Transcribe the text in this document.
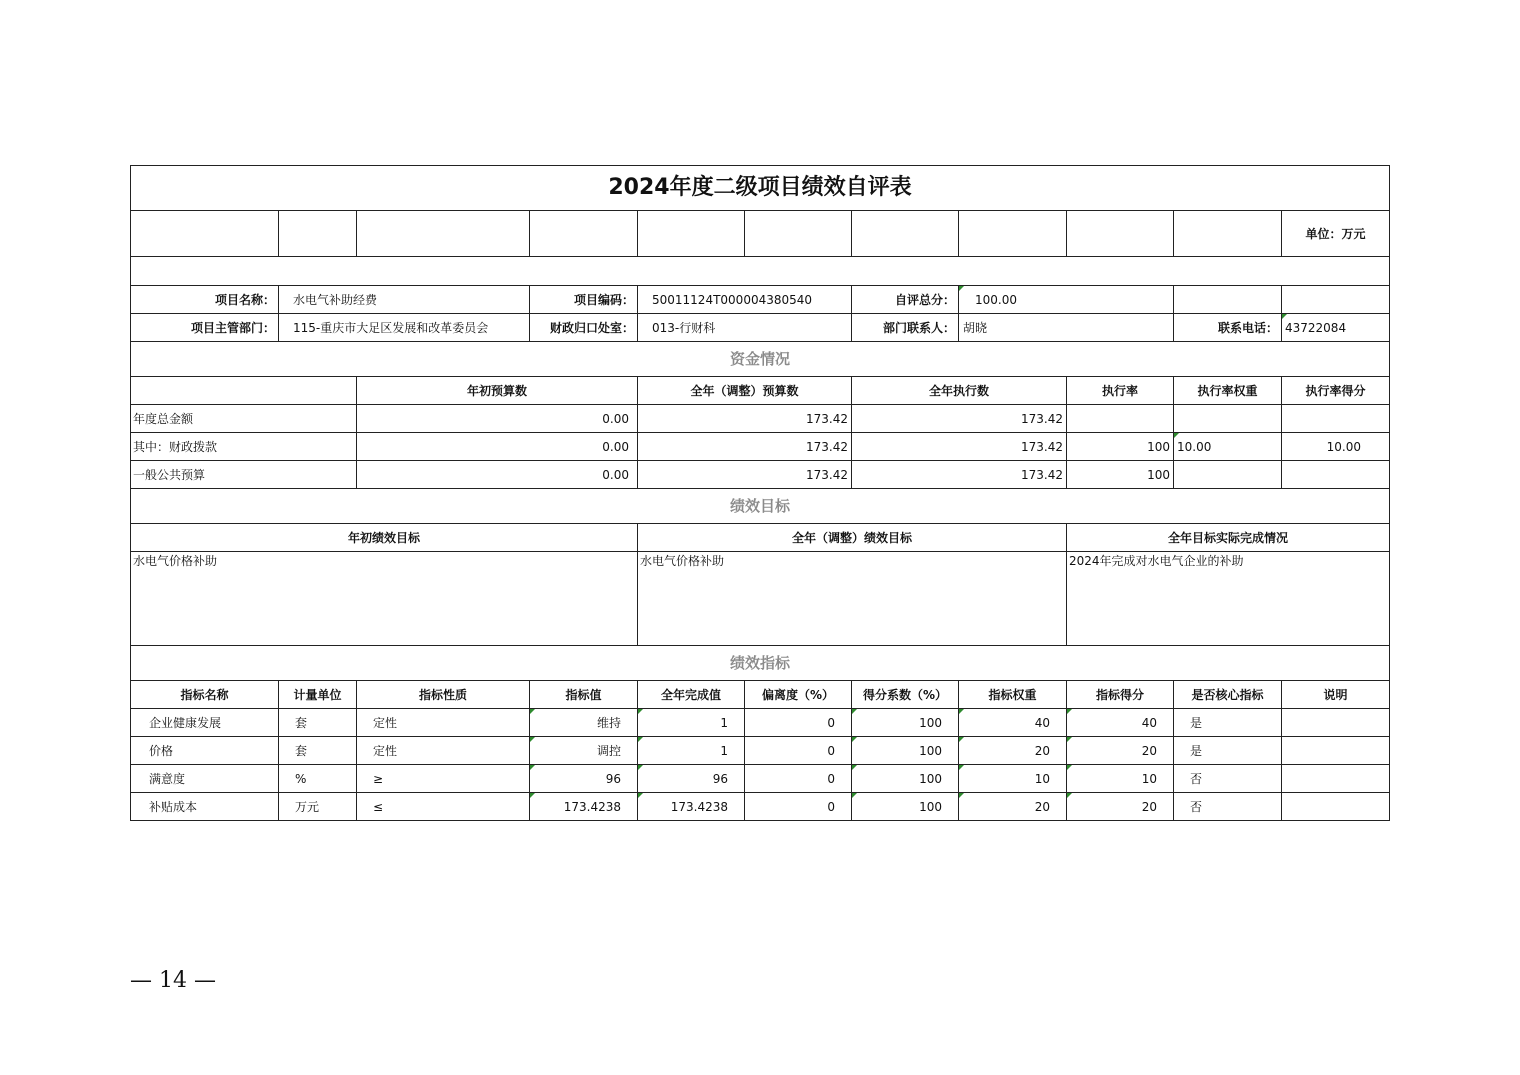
2024年度二级项目绩效自评表										
										单位：万元

项目名称：	水电气补助经费		项目编码：	50011124T000004380540		自评总分：	100.00			
项目主管部门：	115-重庆市大足区发展和改革委员会		财政归口处室：	013-行财科		部门联系人：	胡晓		联系电话：	43722084
资金情况										
		年初预算数		全年（调整）预算数		全年执行数		执行率	执行率权重	执行率得分
年度总金额		0.00		173.42		173.42				
其中：财政拨款		0.00		173.42		173.42		100	10.00	10.00
一般公共预算		0.00		173.42		173.42		100		
绩效目标										
年初绩效目标				全年（调整）绩效目标				全年目标实际完成情况		
水电气价格补助				水电气价格补助				2024年完成对水电气企业的补助		
绩效指标										
指标名称	计量单位	指标性质	指标值	全年完成值	偏离度（%）	得分系数（%）	指标权重	指标得分	是否核心指标	说明
企业健康发展	套	定性	维持	1	0	100	40	40	是	
价格	套	定性	调控	1	0	100	20	20	是	
满意度	%	≥	96	96	0	100	10	10	否	
补贴成本	万元	≤	173.4238	173.4238	0	100	20	20	否	
— 14 —
